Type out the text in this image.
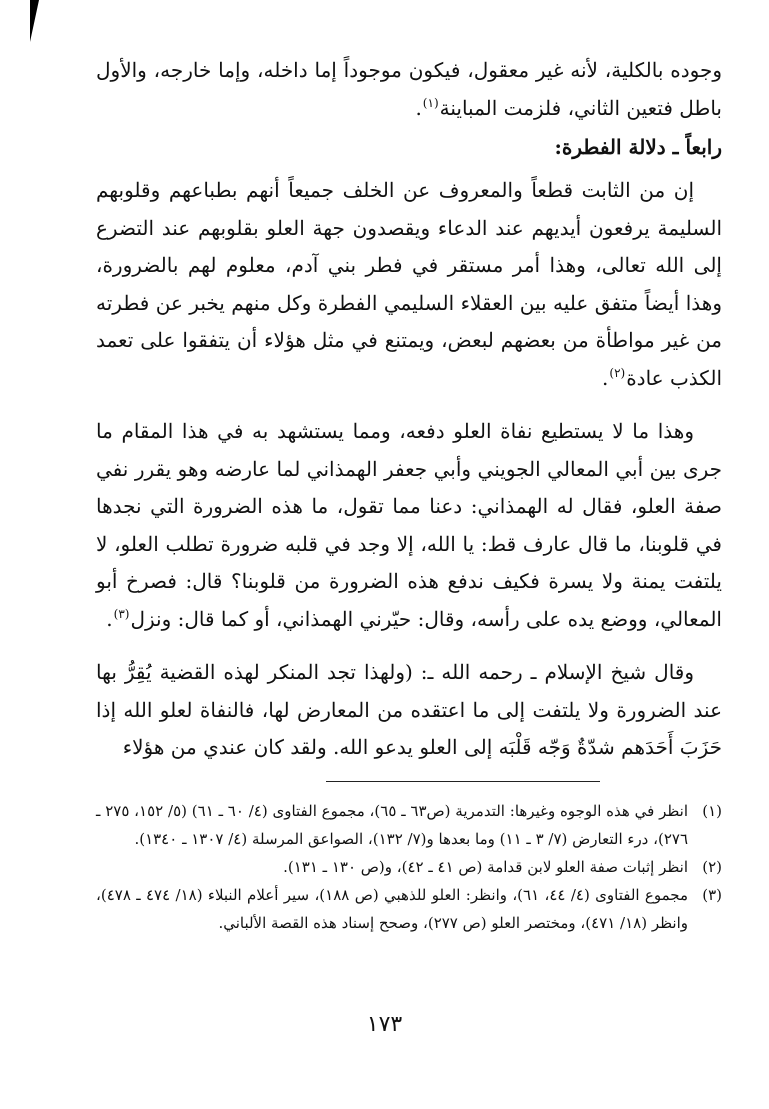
وجوده بالكلية، لأنه غير معقول، فيكون موجوداً إما داخله، وإما خارجه، والأول باطل فتعين الثاني، فلزمت المباينة$^{(١)}$.

رابعاً ـ دلالة الفطرة:

إن من الثابت قطعاً والمعروف عن الخلف جميعاً أنهم بطباعهم وقلوبهم السليمة يرفعون أيديهم عند الدعاء ويقصدون جهة العلو بقلوبهم عند التضرع إلى الله تعالى، وهذا أمر مستقر في فطر بني آدم، معلوم لهم بالضرورة، وهذا أيضاً متفق عليه بين العقلاء السليمي الفطرة وكل منهم يخبر عن فطرته من غير مواطأة من بعضهم لبعض، ويمتنع في مثل هؤلاء أن يتفقوا على تعمد الكذب عادة$^{(٢)}$.

وهذا ما لا يستطيع نفاة العلو دفعه، ومما يستشهد به في هذا المقام ما جرى بين أبي المعالي الجويني وأبي جعفر الهمذاني لما عارضه وهو يقرر نفي صفة العلو، فقال له الهمذاني: دعنا مما تقول، ما هذه الضرورة التي نجدها في قلوبنا، ما قال عارف قط: يا الله، إلا وجد في قلبه ضرورة تطلب العلو، لا يلتفت يمنة ولا يسرة فكيف ندفع هذه الضرورة من قلوبنا؟ قال: فصرخ أبو المعالي، ووضع يده على رأسه، وقال: حيّرني الهمذاني، أو كما قال: ونزل$^{(٣)}$.

وقال شيخ الإسلام ـ رحمه الله ـ: (ولهذا تجد المنكر لهذه القضية يُقِرُّ بها عند الضرورة ولا يلتفت إلى ما اعتقده من المعارض لها، فالنفاة لعلو الله إذا حَزَبَ أَحَدَهم شدّةٌ وَجّه قَلْبَه إلى العلو يدعو الله. ولقد كان عندي من هؤلاء

(١)
انظر في هذه الوجوه وغيرها: التدمرية (ص٦٣ ـ ٦٥)، مجموع الفتاوى (٤/ ٦٠ ـ ٦١) (٥/ ١٥٢، ٢٧٥ ـ ٢٧٦)، درء التعارض (٧/ ٣ ـ ١١) وما بعدها و(٧/ ١٣٢)، الصواعق المرسلة (٤/ ١٣٠٧ ـ ١٣٤٠).
(٢)
انظر إثبات صفة العلو لابن قدامة (ص ٤١ ـ ٤٢)، و(ص ١٣٠ ـ ١٣١).
(٣)
مجموع الفتاوى (٤/ ٤٤، ٦١)، وانظر: العلو للذهبي (ص ١٨٨)، سير أعلام النبلاء (١٨/ ٤٧٤ ـ ٤٧٨)، وانظر (١٨/ ٤٧١)، ومختصر العلو (ص ٢٧٧)، وصحح إسناد هذه القصة الألباني.
١٧٣
